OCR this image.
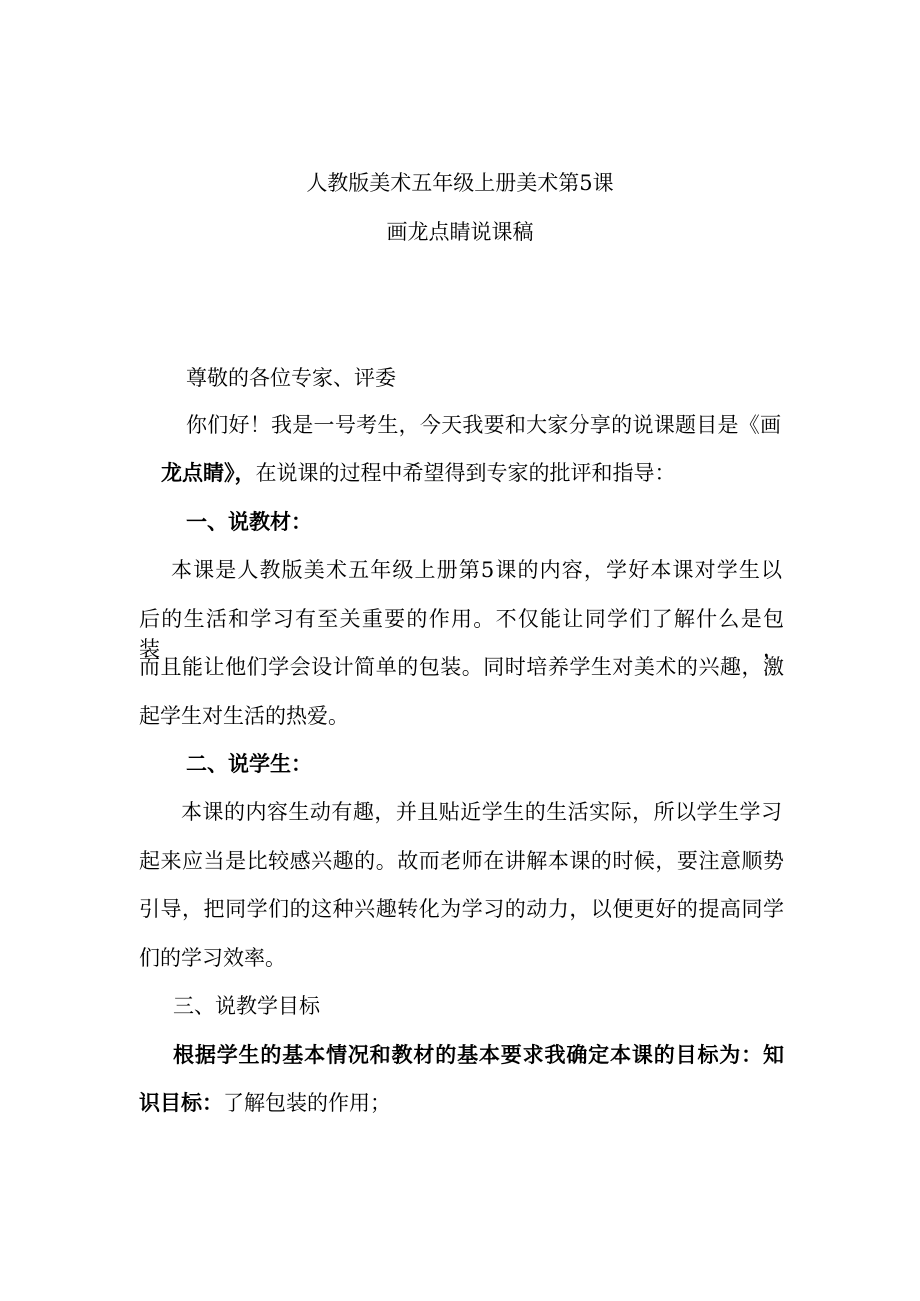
人教版美术五年级上册美术第5课
画龙点睛说课稿
尊敬的各位专家、评委
你们好！我是一号考生，今天我要和大家分享的说课题目是《画
龙点睛》，在说课的过程中希望得到专家的批评和指导：
一、说教材：
本课是人教版美术五年级上册第5课的内容，学好本课对学生以
后的生活和学习有至关重要的作用。不仅能让同学们了解什么是包装，
而且能让他们学会设计简单的包装。同时培养学生对美术的兴趣，激
起学生对生活的热爱。
二、说学生：
本课的内容生动有趣，并且贴近学生的生活实际，所以学生学习
起来应当是比较感兴趣的。故而老师在讲解本课的时候，要注意顺势
引导，把同学们的这种兴趣转化为学习的动力，以便更好的提高同学
们的学习效率。
三、说教学目标
根据学生的基本情况和教材的基本要求我确定本课的目标为：知
识目标：了解包装的作用；
